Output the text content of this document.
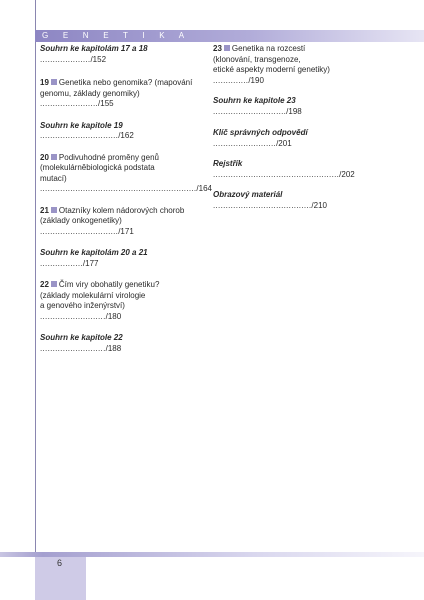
G E N E T I K A
Souhrn ke kapitolám 17 a 18 ..................../152
19 Genetika nebo genomika? (mapování
genomu, základy genomiky) ......................./155
Souhrn ke kapitole 19 .............................../162
20 Podivuhodné proměny genů
(molekulárněbiologická podstata
mutací) ............................................................../164
21 Otazníky kolem nádorových chorob
(základy onkogenetiky) .............................../171
Souhrn ke kapitolám 20 a 21 ................./177
22 Čím viry obohatily genetiku?
(základy molekulární virologie
a genového inženýrství) ........................../180
Souhrn ke kapitole 22 ........................../188
23 Genetika na rozcestí
(klonování, transgenoze,
etické aspekty moderní genetiky) ............../190
Souhrn ke kapitole 23 ............................./198
Klíč správných odpovědí ........................./201
Rejstřík ................................................../202
Obrazový materiál ......................................./210
6
